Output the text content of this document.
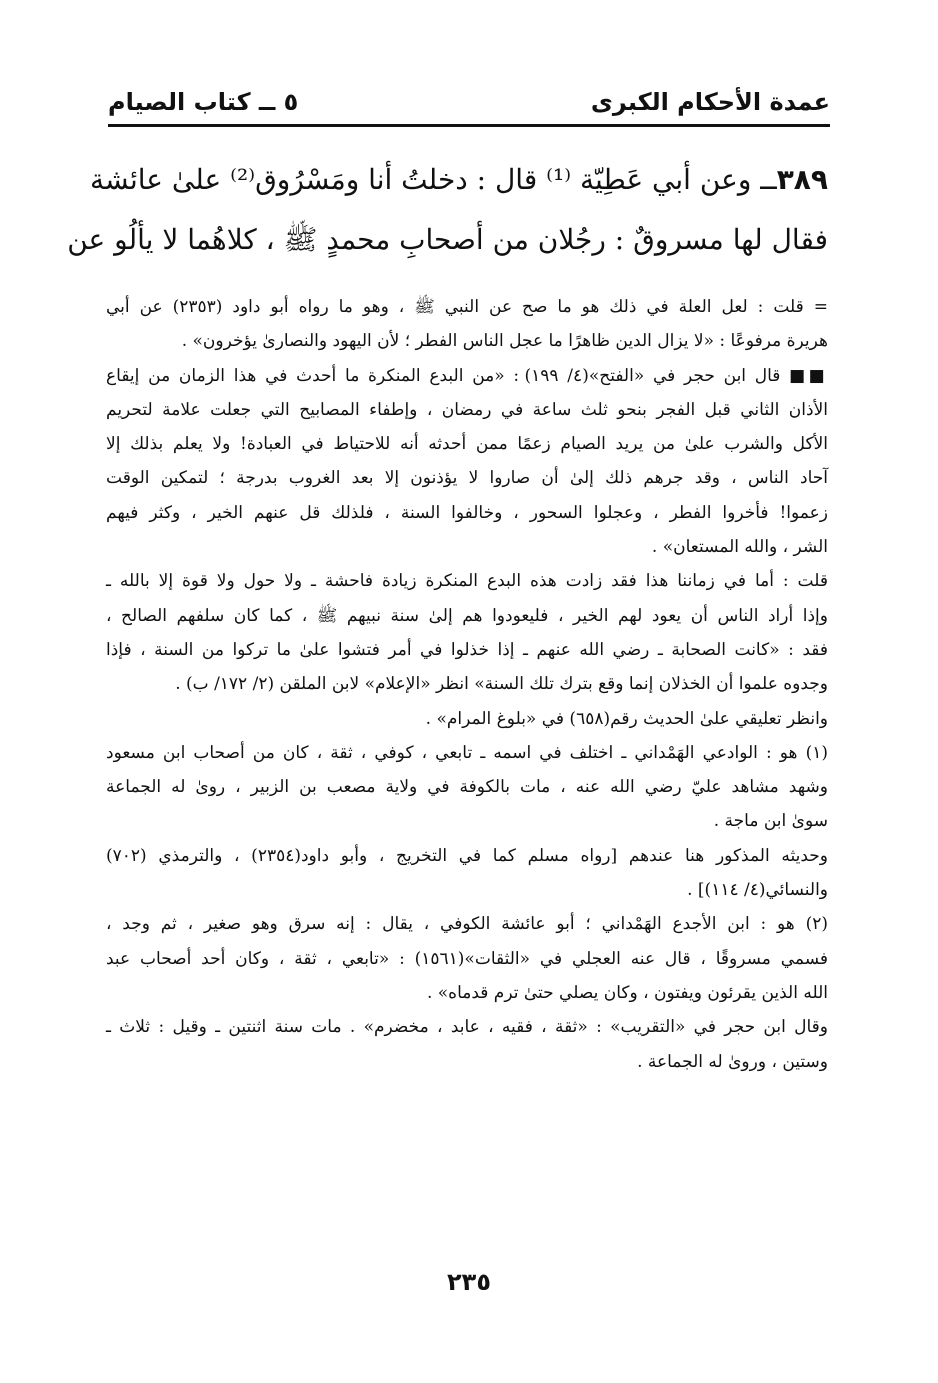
عمدة الأحكام الكبرى
٥ ــ كتاب الصيام
٣٨٩ــ وعن أبي عَطِيّة ⁽¹⁾ قال : دخلتُ أنا ومَسْرُوق⁽²⁾ علىٰ عائشة
فقال لها مسروقٌ : رجُلان من أصحابِ محمدٍ ﷺ ، كلاهُما لا يألُو عن
= قلت : لعل العلة في ذلك هو ما صح عن النبي ﷺ ، وهو ما رواه أبو داود (٢٣٥٣) عن أبي
هريرة مرفوعًا : «لا يزال الدين ظاهرًا ما عجل الناس الفطر ؛ لأن اليهود والنصارىٰ يؤخرون» .
■■ قال ابن حجر في «الفتح»(٤/ ١٩٩) : «من البدع المنكرة ما أحدث في هذا الزمان من إيقاع
الأذان الثاني قبل الفجر بنحو ثلث ساعة في رمضان ، وإطفاء المصابيح التي جعلت علامة لتحريم
الأكل والشرب علىٰ من يريد الصيام زعمًا ممن أحدثه أنه للاحتياط في العبادة! ولا يعلم بذلك إلا
آحاد الناس ، وقد جرهم ذلك إلىٰ أن صاروا لا يؤذنون إلا بعد الغروب بدرجة ؛ لتمكين الوقت
زعموا! فأخروا الفطر ، وعجلوا السحور ، وخالفوا السنة ، فلذلك قل عنهم الخير ، وكثر فيهم
الشر ، والله المستعان» .
قلت : أما في زماننا هذا فقد زادت هذه البدع المنكرة زيادة فاحشة ـ ولا حول ولا قوة إلا بالله ـ
وإذا أراد الناس أن يعود لهم الخير ، فليعودوا هم إلىٰ سنة نبيهم ﷺ ، كما كان سلفهم الصالح ،
فقد : «كانت الصحابة ـ رضي الله عنهم ـ إذا خذلوا في أمر فتشوا علىٰ ما تركوا من السنة ، فإذا
وجدوه علموا أن الخذلان إنما وقع بترك تلك السنة» انظر «الإعلام» لابن الملقن (٢/ ١٧٢/ ب) .
وانظر تعليقي علىٰ الحديث رقم(٦٥٨) في «بلوغ المرام» .
(١) هو : الوادعي الهَمْداني ـ اختلف في اسمه ـ تابعي ، كوفي ، ثقة ، كان من أصحاب ابن مسعود
وشهد مشاهد عليّ رضي الله عنه ، مات بالكوفة في ولاية مصعب بن الزبير ، روىٰ له الجماعة
سوىٰ ابن ماجة .
وحديثه المذكور هنا عندهم [رواه مسلم كما في التخريج ، وأبو داود(٢٣٥٤) ، والترمذي (٧٠٢)
والنسائي(٤/ ١١٤)] .
(٢) هو : ابن الأجدع الهَمْداني ؛ أبو عائشة الكوفي ، يقال : إنه سرق وهو صغير ، ثم وجد ،
فسمي مسروقًا ، قال عنه العجلي في «الثقات»(١٥٦١) : «تابعي ، ثقة ، وكان أحد أصحاب عبد
الله الذين يقرئون ويفتون ، وكان يصلي حتىٰ ترم قدماه» .
وقال ابن حجر في «التقريب» : «ثقة ، فقيه ، عابد ، مخضرم» . مات سنة اثنتين ـ وقيل : ثلاث ـ
وستين ، وروىٰ له الجماعة .
٢٣٥
